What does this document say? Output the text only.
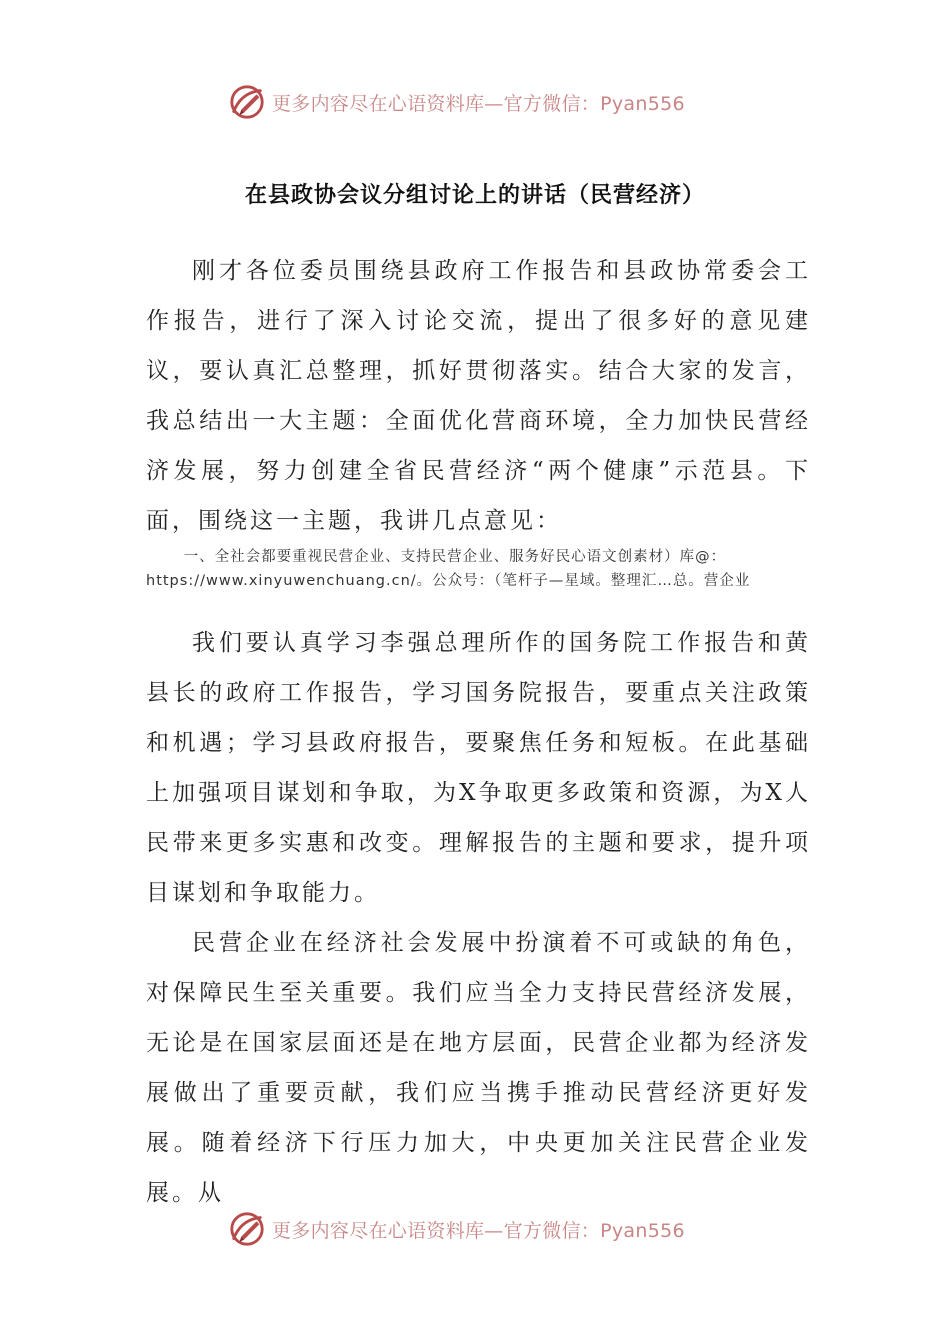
更多内容尽在心语资料库—官方微信：Pyan556
在县政协会议分组讨论上的讲话（民营经济）

刚才各位委员围绕县政府工作报告和县政协常委会工作报告，进行了深入讨论交流，提出了很多好的意见建议，要认真汇总整理，抓好贯彻落实。结合大家的发言，我总结出一大主题：全面优化营商环境，全力加快民营经济发展，努力创建全省民营经济“两个健康”示范县。下面，围绕这一主题，我讲几点意见：

一、全社会都要重视民营企业、支持民营企业、服务好民心语文创素材）库@：https://www.xinyuwenchuang.cn/。公众号：（笔杆子—星域。整理汇…总。营企业

我们要认真学习李强总理所作的国务院工作报告和黄县长的政府工作报告，学习国务院报告，要重点关注政策和机遇；学习县政府报告，要聚焦任务和短板。在此基础上加强项目谋划和争取，为X争取更多政策和资源，为X人民带来更多实惠和改变。理解报告的主题和要求，提升项目谋划和争取能力。

民营企业在经济社会发展中扮演着不可或缺的角色，对保障民生至关重要。我们应当全力支持民营经济发展，无论是在国家层面还是在地方层面，民营企业都为经济发展做出了重要贡献，我们应当携手推动民营经济更好发展。随着经济下行压力加大，中央更加关注民营企业发展。从

更多内容尽在心语资料库—官方微信：Pyan556
